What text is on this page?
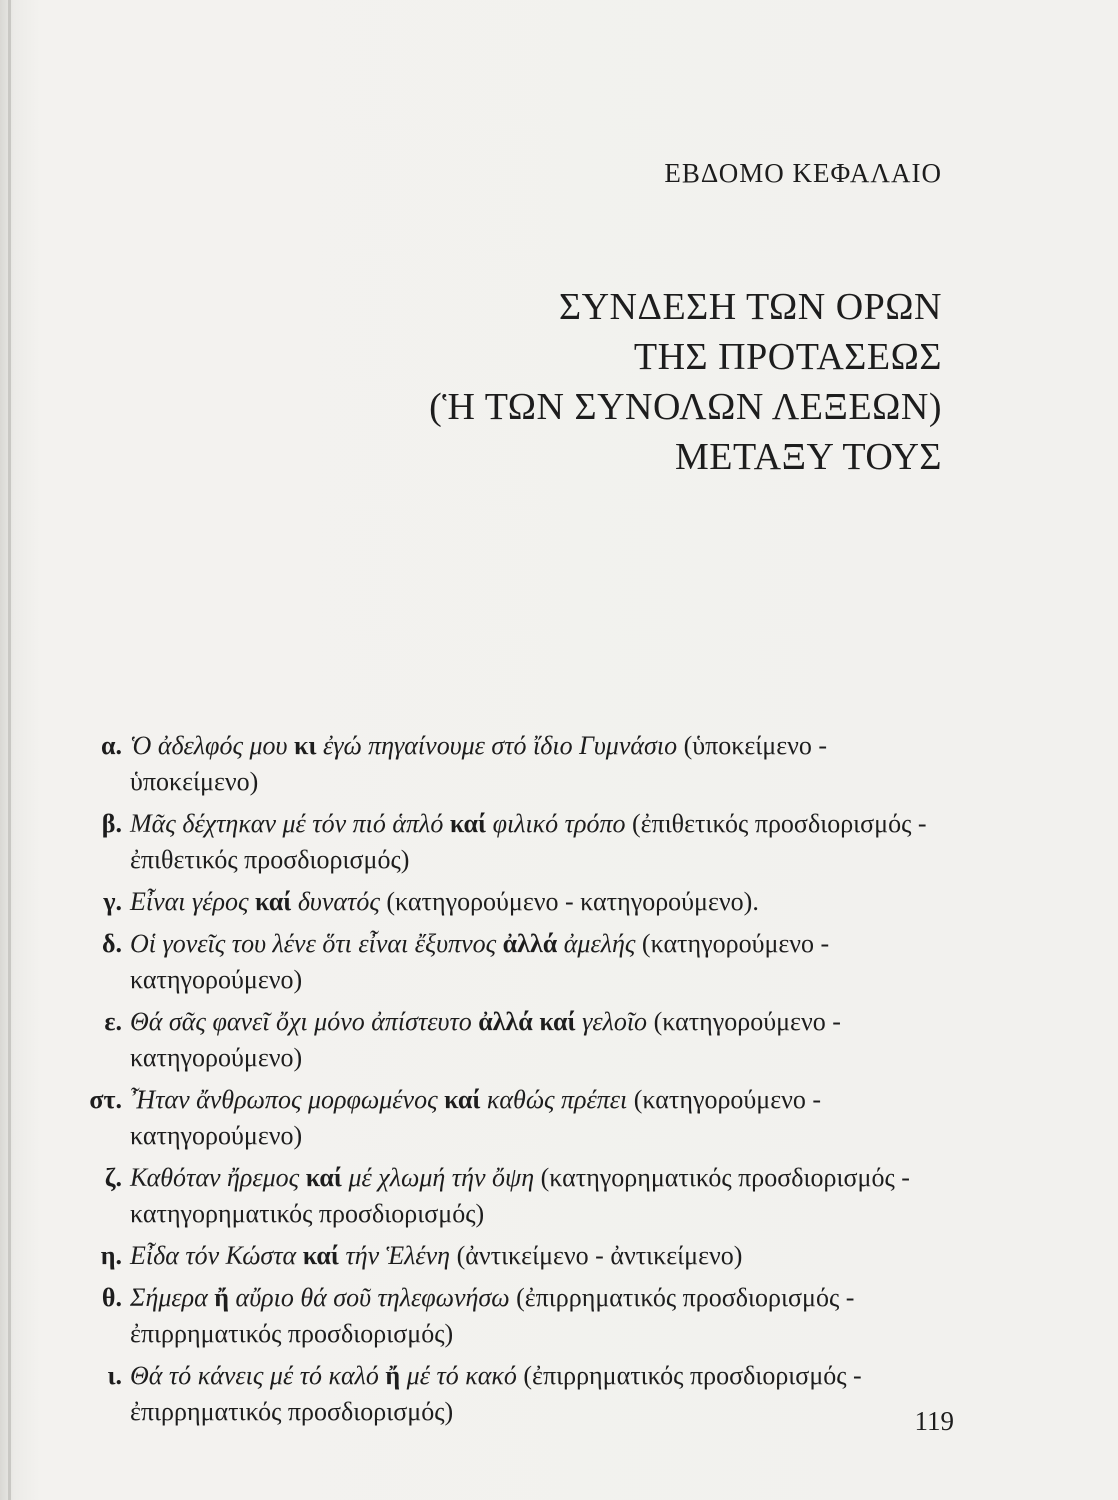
ΕΒΔΟΜΟ ΚΕΦΑΛΑΙΟ
ΣΥΝΔΕΣΗ ΤΩΝ ΟΡΩΝ
ΤΗΣ ΠΡΟΤΑΣΕΩΣ
(Ἡ ΤΩΝ ΣΥΝΟΛΩΝ ΛΕΞΕΩΝ)
ΜΕΤΑΞΥ ΤΟΥΣ
α. Ὁ ἀδελφός μου κι ἐγώ πηγαίνουμε στό ἴδιο Γυμνάσιο (ὑποκείμενο - ὑποκείμενο)
β. Μᾶς δέχτηκαν μέ τόν πιό ἁπλό καί φιλικό τρόπο (ἐπιθετικός προσδιορισμός - ἐπιθετικός προσδιορισμός)
γ. Εἶναι γέρος καί δυνατός (κατηγορούμενο - κατηγορούμενο).
δ. Οἱ γονεῖς του λένε ὅτι εἶναι ἔξυπνος ἀλλά ἀμελής (κατηγορούμενο - κατηγορούμενο)
ε. Θά σᾶς φανεῖ ὄχι μόνο ἀπίστευτο ἀλλά καί γελοῖο (κατηγορούμενο - κατηγορούμενο)
στ. Ἦταν ἄνθρωπος μορφωμένος καί καθώς πρέπει (κατηγορούμενο - κατηγορούμενο)
ζ. Καθόταν ἤρεμος καί μέ χλωμή τήν ὄψη (κατηγορηματικός προσδιορισμός - κατηγορηματικός προσδιορισμός)
η. Εἶδα τόν Κώστα καί τήν Ἑλένη (ἀντικείμενο - ἀντικείμενο)
θ. Σήμερα ἤ αὔριο θά σοῦ τηλεφωνήσω (ἐπιρρηματικός προσδιορισμός - ἐπιρρηματικός προσδιορισμός)
ι. Θά τό κάνεις μέ τό καλό ἤ μέ τό κακό (ἐπιρρηματικός προσδιορισμός - ἐπιρρηματικός προσδιορισμός)	119
